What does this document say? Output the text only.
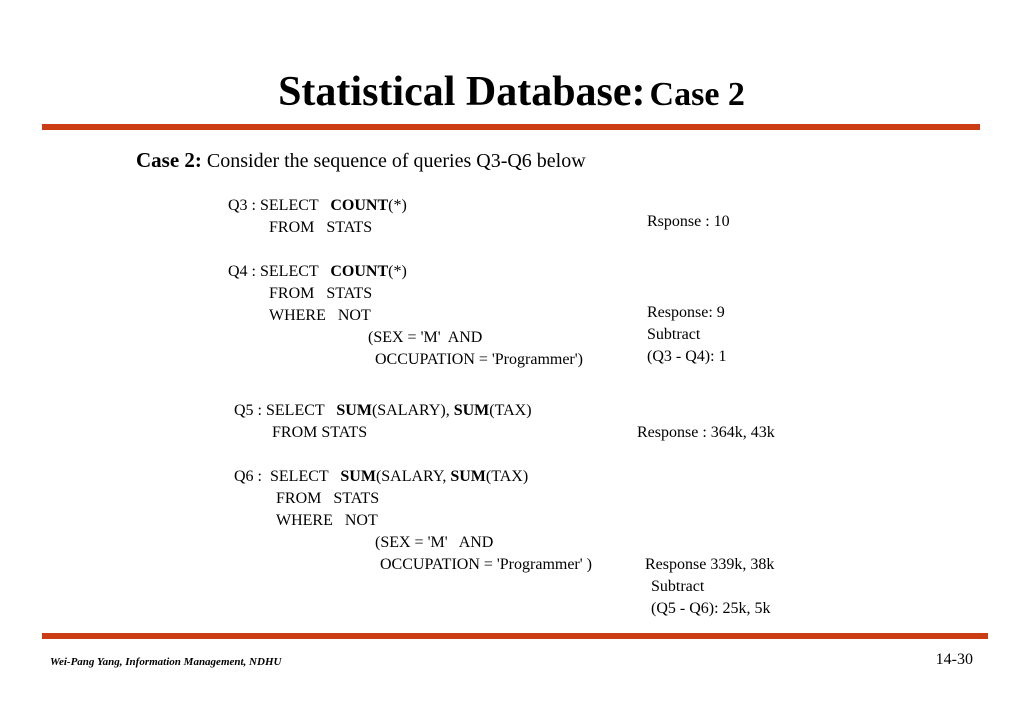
Statistical Database: Case 2
Case 2: Consider the sequence of queries Q3-Q6 below
Q3 : SELECT   COUNT(*)
FROM   STATS	Rsponse : 10
Q4 : SELECT   COUNT(*)
FROM   STATS
WHERE   NOT
(SEX = 'M'  AND
OCCUPATION = 'Programmer')
Response: 9
Subtract
(Q3 - Q4): 1
Q5 : SELECT   SUM(SALARY), SUM(TAX)
FROM STATS	Response : 364k, 43k
Q6 :  SELECT   SUM(SALARY, SUM(TAX)
FROM   STATS
WHERE   NOT
(SEX = 'M'   AND
OCCUPATION = 'Programmer' )	Response 339k, 38k
Subtract
(Q5 - Q6): 25k, 5k
Wei-Pang Yang, Information Management, NDHU	14-30
